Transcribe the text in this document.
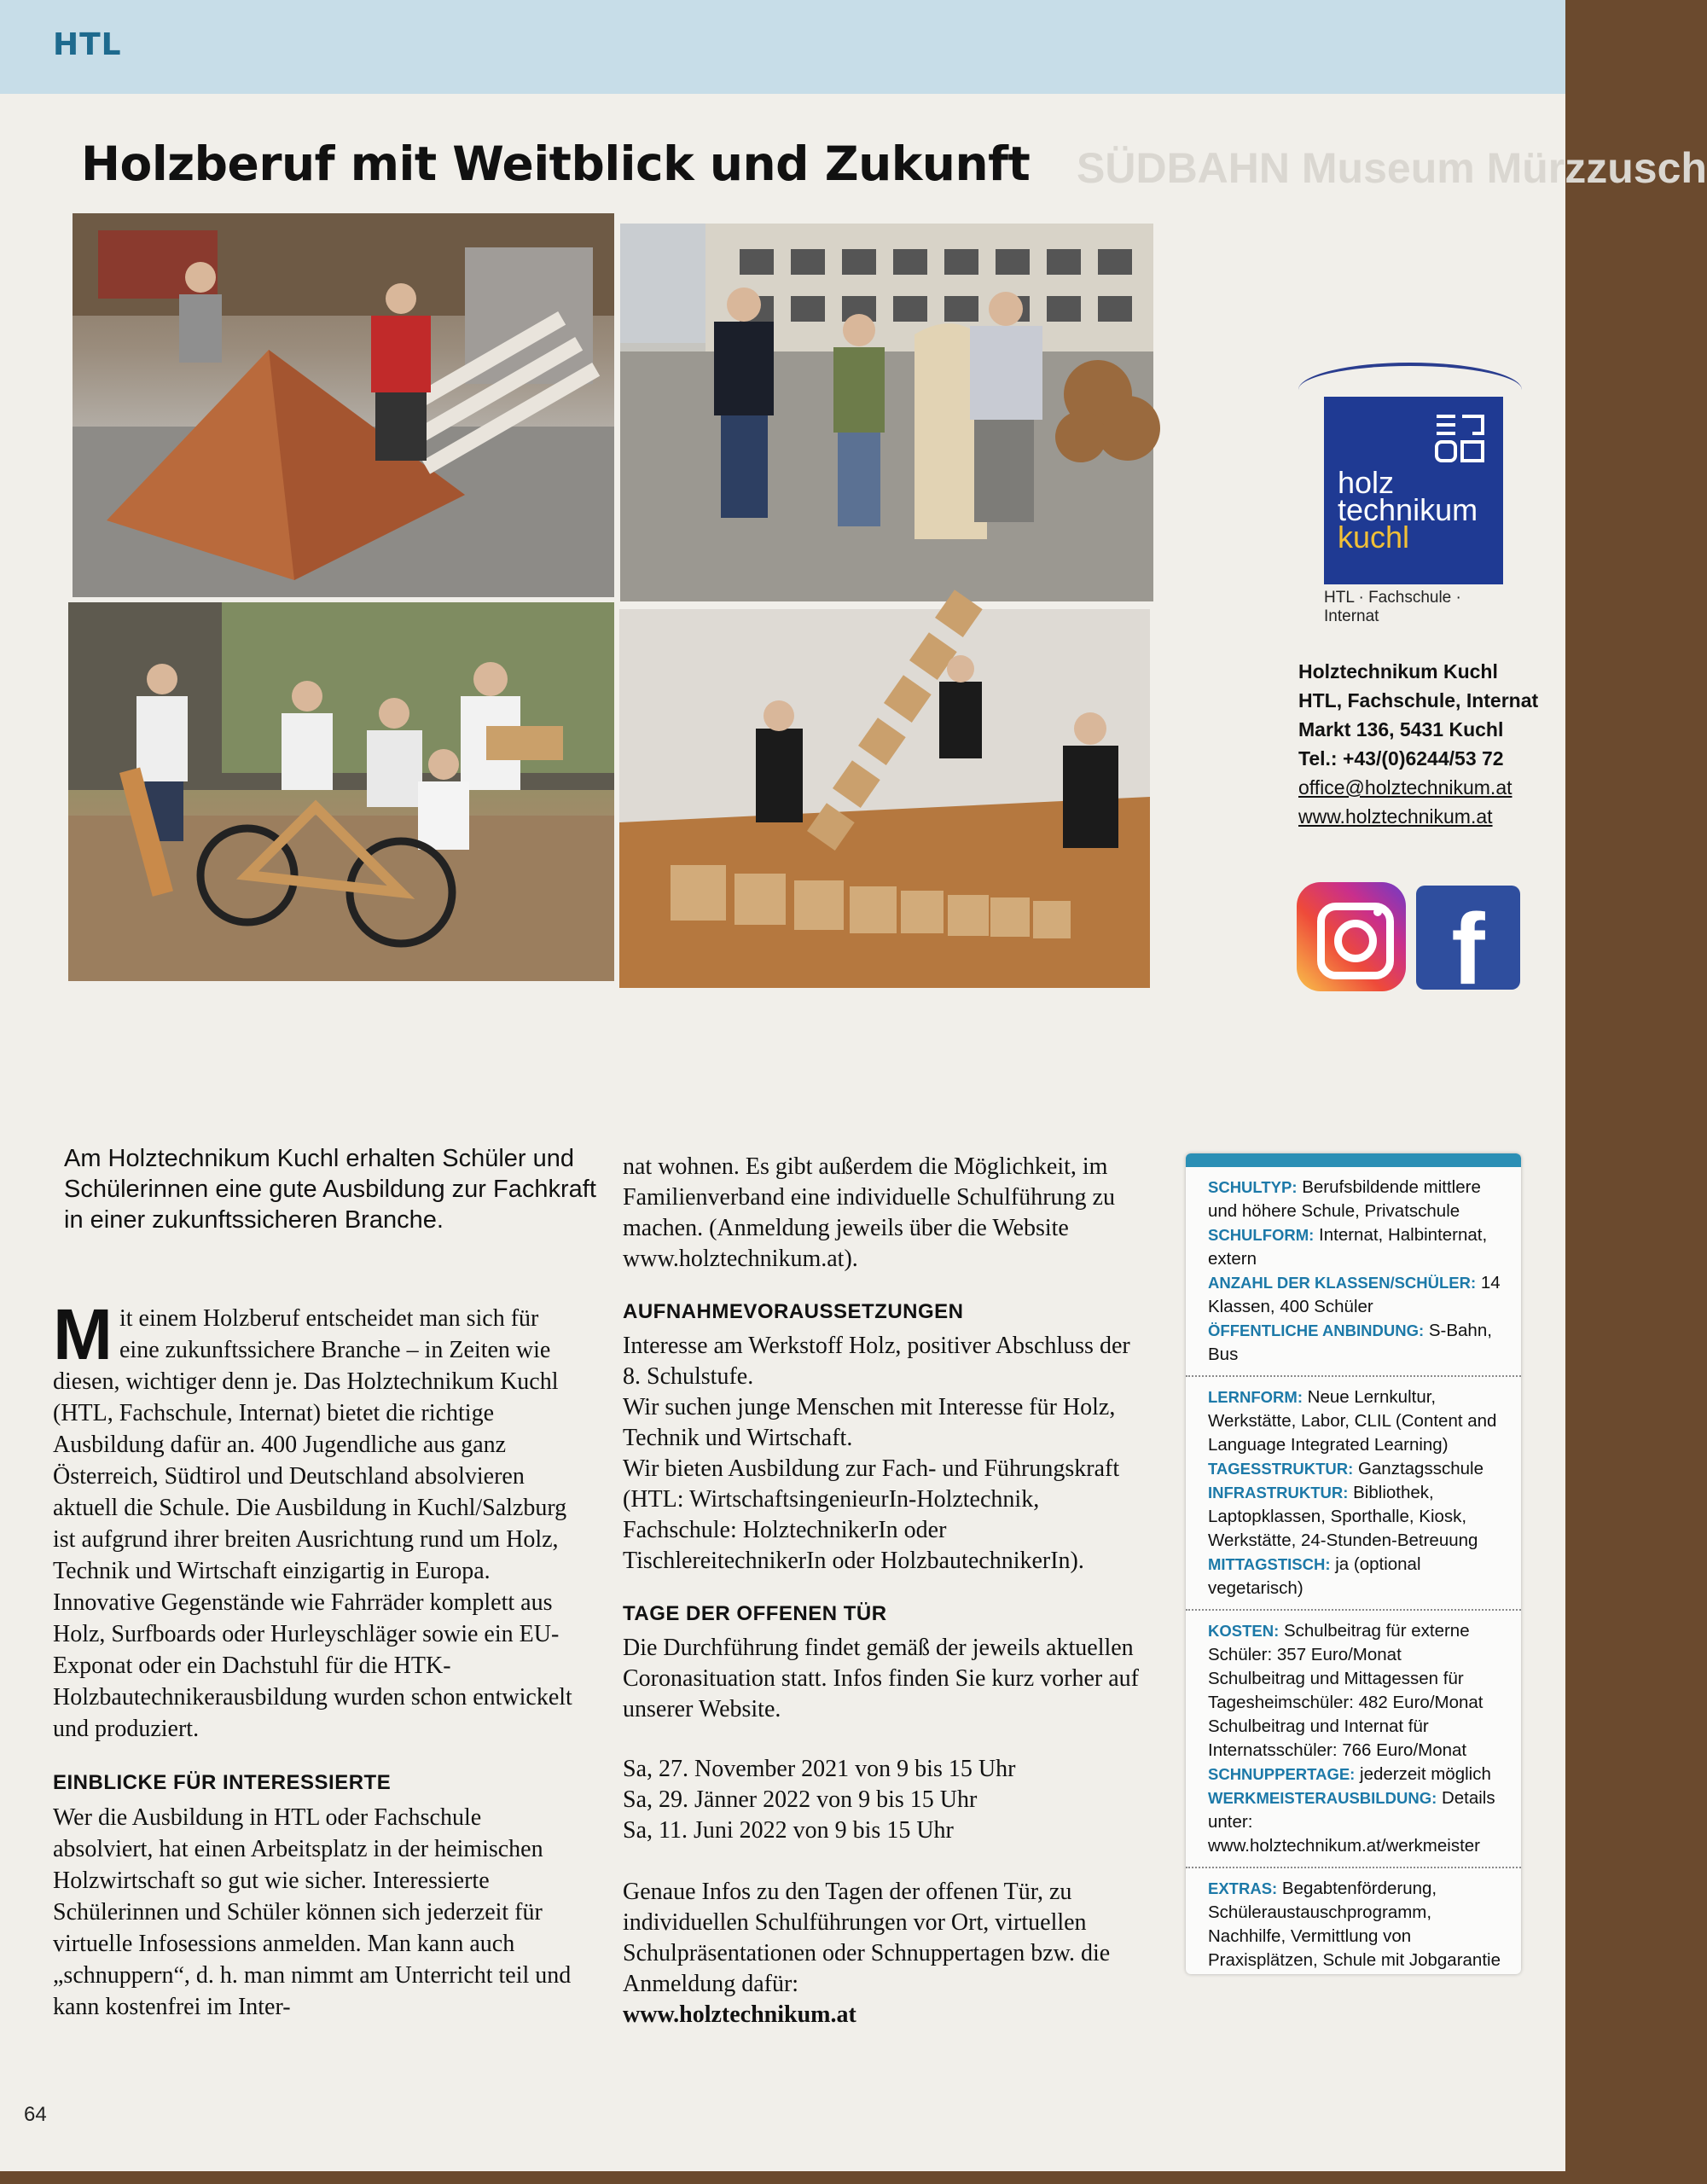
HTL
SÜDBAHN Museum Mürzzusch
Holzberuf mit Weitblick und Zukunft
holz
technikum
kuchl
HTL · Fachschule · Internat
Holztechnikum Kuchl
HTL, Fachschule, Internat
Markt 136, 5431 Kuchl
Tel.: +43/(0)6244/53 72
office@holztechnikum.at
www.holztechnikum.at
f
Am Holztechnikum Kuchl erhalten Schüler und Schülerinnen eine gute Ausbildung zur Fachkraft in einer zukunftssicheren Branche.

Mit einem Holzberuf entscheidet man sich für eine zukunftssichere Branche – in Zeiten wie diesen, wichtiger denn je. Das Holztechnikum Kuchl (HTL, Fachschule, Internat) bietet die richtige Ausbildung dafür an. 400 Jugendliche aus ganz Österreich, Südtirol und Deutschland absolvieren aktuell die Schule. Die Ausbildung in Kuchl/Salzburg ist aufgrund ihrer breiten Ausrichtung rund um Holz, Technik und Wirtschaft einzigartig in Europa.

Innovative Gegenstände wie Fahrräder komplett aus Holz, Surfboards oder Hurleyschläger sowie ein EU-Exponat oder ein Dachstuhl für die HTK-Holzbautechnikerausbildung wurden schon entwickelt und produziert.

EINBLICKE FÜR INTERESSIERTE

Wer die Ausbildung in HTL oder Fachschule absolviert, hat einen Arbeitsplatz in der heimischen Holzwirtschaft so gut wie sicher. Interessierte Schülerinnen und Schüler können sich jederzeit für virtuelle Infosessions anmelden. Man kann auch „schnuppern“, d. h. man nimmt am Unterricht teil und kann kostenfrei im Inter-

nat wohnen. Es gibt außerdem die Möglichkeit, im Familienverband eine individuelle Schulführung zu machen. (Anmeldung jeweils über die Website www.holztechnikum.at).

AUFNAHMEVORAUSSETZUNGEN

Interesse am Werkstoff Holz, positiver Abschluss der 8. Schulstufe.

Wir suchen junge Menschen mit Interesse für Holz, Technik und Wirtschaft.

Wir bieten Ausbildung zur Fach- und Führungskraft (HTL: WirtschaftsingenieurIn-Holztechnik, Fachschule: HolztechnikerIn oder TischlereitechnikerIn oder HolzbautechnikerIn).

TAGE DER OFFENEN TÜR

Die Durchführung findet gemäß der jeweils aktuellen Coronasituation statt. Infos finden Sie kurz vorher auf unserer Website.

Sa, 27. November 2021 von 9 bis 15 Uhr

Sa, 29. Jänner 2022 von 9 bis 15 Uhr

Sa, 11. Juni 2022 von 9 bis 15 Uhr

Genaue Infos zu den Tagen der offenen Tür, zu individuellen Schulführungen vor Ort, virtuellen Schulpräsentationen oder Schnuppertagen bzw. die Anmeldung dafür:

www.holztechnikum.at

SCHULTYP: Berufsbildende mittlere und höhere Schule, Privatschule
SCHULFORM: Internat, Halbinternat, extern
ANZAHL DER KLASSEN/SCHÜLER: 14 Klassen, 400 Schüler
ÖFFENTLICHE ANBINDUNG: S-Bahn, Bus
LERNFORM: Neue Lernkultur, Werkstätte, Labor, CLIL (Content and Language Integrated Learning)
TAGESSTRUKTUR: Ganztagsschule
INFRASTRUKTUR: Bibliothek, Laptopklassen, Sporthalle, Kiosk, Werkstätte, 24-Stunden-Betreuung
MITTAGSTISCH: ja (optional vegetarisch)
KOSTEN: Schulbeitrag für externe Schüler: 357 Euro/Monat Schulbeitrag und Mittagessen für Tagesheimschüler: 482 Euro/Monat Schulbeitrag und Internat für Internatsschüler: 766 Euro/Monat
SCHNUPPERTAGE: jederzeit möglich
WERKMEISTERAUSBILDUNG: Details unter: www.holztechnikum.at/werkmeister
EXTRAS: Begabtenförderung, Schüleraustauschprogramm, Nachhilfe, Vermittlung von Praxisplätzen, Schule mit Jobgarantie
64
